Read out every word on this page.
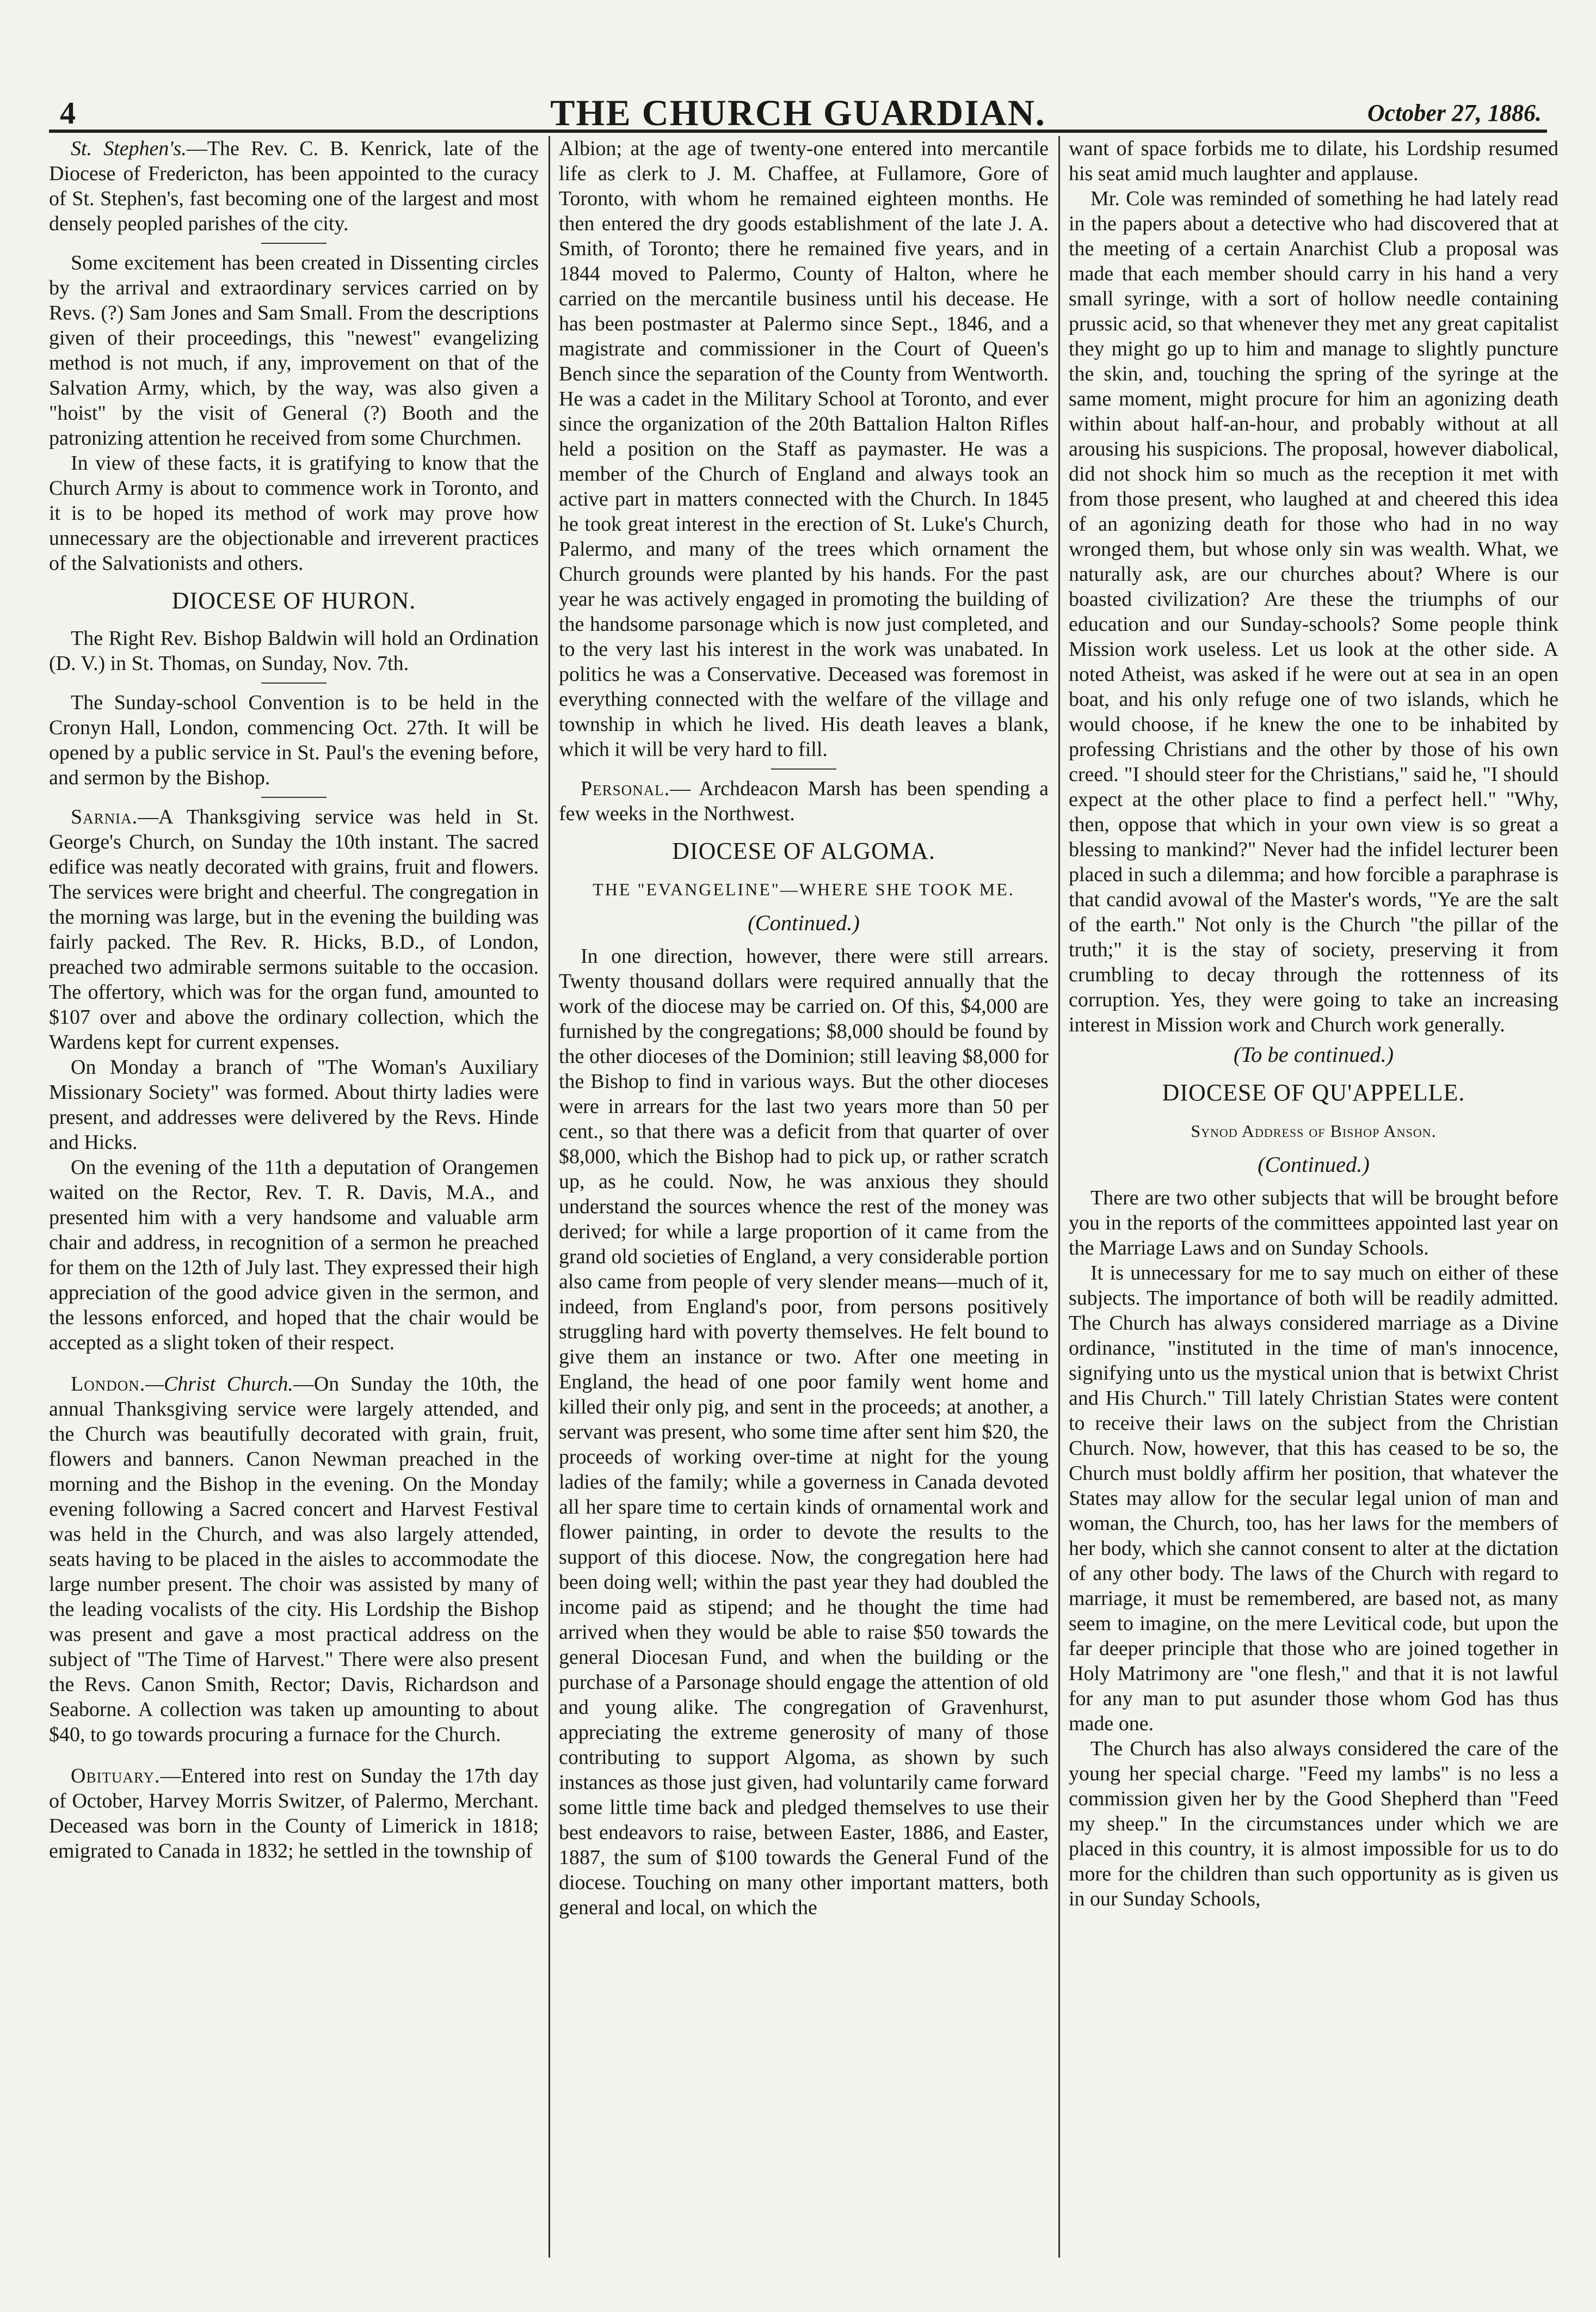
4	THE CHURCH GUARDIAN.	October 27, 1886.

St. Stephen's.—The Rev. C. B. Kenrick, late of the Diocese of Fredericton, has been appointed to the curacy of St. Stephen's, fast becoming one of the largest and most densely peopled parishes of the city.

Some excitement has been created in Dissenting circles by the arrival and extraordinary services carried on by Revs. (?) Sam Jones and Sam Small. From the descriptions given of their proceedings, this "newest" evangelizing method is not much, if any, improvement on that of the Salvation Army, which, by the way, was also given a "hoist" by the visit of General (?) Booth and the patronizing attention he received from some Churchmen.

In view of these facts, it is gratifying to know that the Church Army is about to commence work in Toronto, and it is to be hoped its method of work may prove how unnecessary are the objectionable and irreverent practices of the Salvationists and others.

DIOCESE OF HURON.

The Right Rev. Bishop Baldwin will hold an Ordination (D. V.) in St. Thomas, on Sunday, Nov. 7th.

The Sunday-school Convention is to be held in the Cronyn Hall, London, commencing Oct. 27th. It will be opened by a public service in St. Paul's the evening before, and sermon by the Bishop.

Sarnia.—A Thanksgiving service was held in St. George's Church, on Sunday the 10th instant. The sacred edifice was neatly decorated with grains, fruit and flowers. The services were bright and cheerful. The congregation in the morning was large, but in the evening the building was fairly packed. The Rev. R. Hicks, B.D., of London, preached two admirable sermons suitable to the occasion. The offertory, which was for the organ fund, amounted to $107 over and above the ordinary collection, which the Wardens kept for current expenses.

On Monday a branch of "The Woman's Auxiliary Missionary Society" was formed. About thirty ladies were present, and addresses were delivered by the Revs. Hinde and Hicks.

On the evening of the 11th a deputation of Orangemen waited on the Rector, Rev. T. R. Davis, M.A., and presented him with a very handsome and valuable arm chair and address, in recognition of a sermon he preached for them on the 12th of July last. They expressed their high appreciation of the good advice given in the sermon, and the lessons enforced, and hoped that the chair would be accepted as a slight token of their respect.

London.—Christ Church.—On Sunday the 10th, the annual Thanksgiving service were largely attended, and the Church was beautifully decorated with grain, fruit, flowers and banners. Canon Newman preached in the morning and the Bishop in the evening. On the Monday evening following a Sacred concert and Harvest Festival was held in the Church, and was also largely attended, seats having to be placed in the aisles to accommodate the large number present. The choir was assisted by many of the leading vocalists of the city. His Lordship the Bishop was present and gave a most practical address on the subject of "The Time of Harvest." There were also present the Revs. Canon Smith, Rector; Davis, Richardson and Seaborne. A collection was taken up amounting to about $40, to go towards procuring a furnace for the Church.

Obituary.—Entered into rest on Sunday the 17th day of October, Harvey Morris Switzer, of Palermo, Merchant. Deceased was born in the County of Limerick in 1818; emigrated to Canada in 1832; he settled in the township of

Albion; at the age of twenty-one entered into mercantile life as clerk to J. M. Chaffee, at Fullamore, Gore of Toronto, with whom he remained eighteen months. He then entered the dry goods establishment of the late J. A. Smith, of Toronto; there he remained five years, and in 1844 moved to Palermo, County of Halton, where he carried on the mercantile business until his decease. He has been postmaster at Palermo since Sept., 1846, and a magistrate and commissioner in the Court of Queen's Bench since the separation of the County from Wentworth. He was a cadet in the Military School at Toronto, and ever since the organization of the 20th Battalion Halton Rifles held a position on the Staff as paymaster. He was a member of the Church of England and always took an active part in matters connected with the Church. In 1845 he took great interest in the erection of St. Luke's Church, Palermo, and many of the trees which ornament the Church grounds were planted by his hands. For the past year he was actively engaged in promoting the building of the handsome parsonage which is now just completed, and to the very last his interest in the work was unabated. In politics he was a Conservative. Deceased was foremost in everything connected with the welfare of the village and township in which he lived. His death leaves a blank, which it will be very hard to fill.

Personal.— Archdeacon Marsh has been spending a few weeks in the Northwest.

DIOCESE OF ALGOMA.
THE "EVANGELINE"—WHERE SHE TOOK ME.
(Continued.)

In one direction, however, there were still arrears. Twenty thousand dollars were required annually that the work of the diocese may be carried on. Of this, $4,000 are furnished by the congregations; $8,000 should be found by the other dioceses of the Dominion; still leaving $8,000 for the Bishop to find in various ways. But the other dioceses were in arrears for the last two years more than 50 per cent., so that there was a deficit from that quarter of over $8,000, which the Bishop had to pick up, or rather scratch up, as he could. Now, he was anxious they should understand the sources whence the rest of the money was derived; for while a large proportion of it came from the grand old societies of England, a very considerable portion also came from people of very slender means—much of it, indeed, from England's poor, from persons positively struggling hard with poverty themselves. He felt bound to give them an instance or two. After one meeting in England, the head of one poor family went home and killed their only pig, and sent in the proceeds; at another, a servant was present, who some time after sent him $20, the proceeds of working over-time at night for the young ladies of the family; while a governess in Canada devoted all her spare time to certain kinds of ornamental work and flower painting, in order to devote the results to the support of this diocese. Now, the congregation here had been doing well; within the past year they had doubled the income paid as stipend; and he thought the time had arrived when they would be able to raise $50 towards the general Diocesan Fund, and when the building or the purchase of a Parsonage should engage the attention of old and young alike. The congregation of Gravenhurst, appreciating the extreme generosity of many of those contributing to support Algoma, as shown by such instances as those just given, had voluntarily came forward some little time back and pledged themselves to use their best endeavors to raise, between Easter, 1886, and Easter, 1887, the sum of $100 towards the General Fund of the diocese. Touching on many other important matters, both general and local, on which the

want of space forbids me to dilate, his Lordship resumed his seat amid much laughter and applause.

Mr. Cole was reminded of something he had lately read in the papers about a detective who had discovered that at the meeting of a certain Anarchist Club a proposal was made that each member should carry in his hand a very small syringe, with a sort of hollow needle containing prussic acid, so that whenever they met any great capitalist they might go up to him and manage to slightly puncture the skin, and, touching the spring of the syringe at the same moment, might procure for him an agonizing death within about half-an-hour, and probably without at all arousing his suspicions. The proposal, however diabolical, did not shock him so much as the reception it met with from those present, who laughed at and cheered this idea of an agonizing death for those who had in no way wronged them, but whose only sin was wealth. What, we naturally ask, are our churches about? Where is our boasted civilization? Are these the triumphs of our education and our Sunday-schools? Some people think Mission work useless. Let us look at the other side. A noted Atheist, was asked if he were out at sea in an open boat, and his only refuge one of two islands, which he would choose, if he knew the one to be inhabited by professing Christians and the other by those of his own creed. "I should steer for the Christians," said he, "I should expect at the other place to find a perfect hell." "Why, then, oppose that which in your own view is so great a blessing to mankind?" Never had the infidel lecturer been placed in such a dilemma; and how forcible a paraphrase is that candid avowal of the Master's words, "Ye are the salt of the earth." Not only is the Church "the pillar of the truth;" it is the stay of society, preserving it from crumbling to decay through the rottenness of its corruption. Yes, they were going to take an increasing interest in Mission work and Church work generally.

(To be continued.)
DIOCESE OF QU'APPELLE.
Synod Address of Bishop Anson.
(Continued.)

There are two other subjects that will be brought before you in the reports of the committees appointed last year on the Marriage Laws and on Sunday Schools.

It is unnecessary for me to say much on either of these subjects. The importance of both will be readily admitted. The Church has always considered marriage as a Divine ordinance, "instituted in the time of man's innocence, signifying unto us the mystical union that is betwixt Christ and His Church." Till lately Christian States were content to receive their laws on the subject from the Christian Church. Now, however, that this has ceased to be so, the Church must boldly affirm her position, that whatever the States may allow for the secular legal union of man and woman, the Church, too, has her laws for the members of her body, which she cannot consent to alter at the dictation of any other body. The laws of the Church with regard to marriage, it must be remembered, are based not, as many seem to imagine, on the mere Levitical code, but upon the far deeper principle that those who are joined together in Holy Matrimony are "one flesh," and that it is not lawful for any man to put asunder those whom God has thus made one.

The Church has also always considered the care of the young her special charge. "Feed my lambs" is no less a commission given her by the Good Shepherd than "Feed my sheep." In the circumstances under which we are placed in this country, it is almost impossible for us to do more for the children than such opportunity as is given us in our Sunday Schools,
